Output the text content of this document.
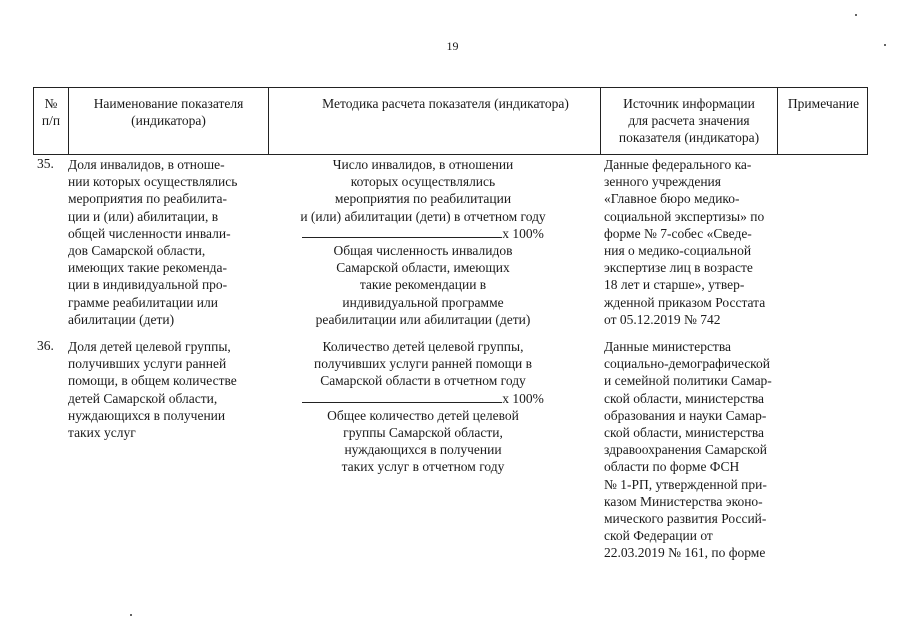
19
№
п/п
Наименование показателя
(индикатора)
Методика расчета показателя (индикатора)	Источник информации
для расчета значения
показателя (индикатора)
Примечание
35. Доля инвалидов, в отноше-
нии которых осуществлялись
мероприятия по реабилита-
ции и (или) абилитации, в
общей численности инвали-
дов Самарской области,
имеющих такие рекоменда-
ции в индивидуальной про-
грамме реабилитации или
абилитации (дети)
Число инвалидов, в отношении
которых осуществлялись
мероприятия по реабилитации
и (или) абилитации (дети) в отчетном году
х 100%
Общая численность инвалидов
Самарской области, имеющих
такие рекомендации в
индивидуальной программе
реабилитации или абилитации (дети)
Данные федерального ка-
зенного учреждения
«Главное бюро медико-
социальной экспертизы» по
форме № 7-собес «Сведе-
ния о медико-социальной
экспертизе лиц в возрасте
18 лет и старше», утвер-
жденной приказом Росстата
от 05.12.2019 № 742
36. Доля детей целевой группы,
получивших услуги ранней
помощи, в общем количестве
детей Самарской области,
нуждающихся в получении
таких услуг
Количество детей целевой группы,
получивших услуги ранней помощи в
Самарской области в отчетном году
х 100%
Общее количество детей целевой
группы Самарской области,
нуждающихся в получении
таких услуг в отчетном году
Данные министерства
социально-демографической
и семейной политики Самар-
ской области, министерства
образования и науки Самар-
ской области, министерства
здравоохранения Самарской
области по форме ФСН
№ 1-РП, утвержденной при-
казом Министерства эконо-
мического развития Россий-
ской Федерации от
22.03.2019 № 161, по форме
